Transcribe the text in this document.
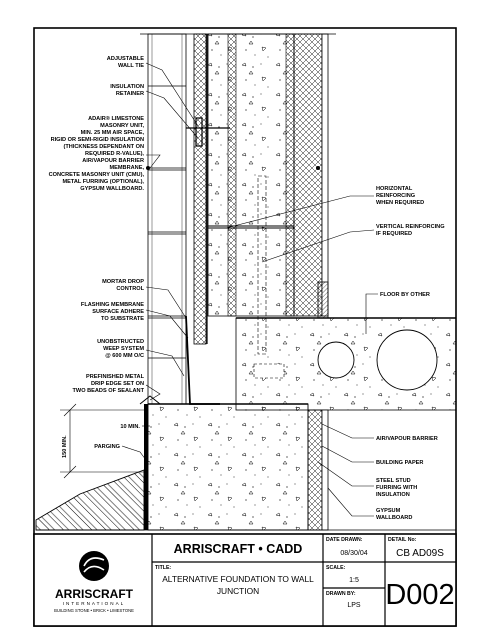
150 MIN.
ADJUSTABLE
WALL TIE
INSULATION
RETAINER
ADAIR® LIMESTONE
MASONRY UNIT,
MIN. 25 MM AIR SPACE,
RIGID OR SEMI-RIGID INSULATION
(THICKNESS DEPENDANT ON
REQUIRED R-VALUE),
AIR/VAPOUR BARRIER
MEMBRANE,
CONCRETE MASONRY UNIT (CMU),
METAL FURRING (OPTIONAL),
GYPSUM WALLBOARD.
MORTAR DROP
CONTROL
FLASHING MEMBRANE
SURFACE ADHERE
TO SUBSTRATE
UNOBSTRUCTED
WEEP SYSTEM
@ 600 MM O/C
PREFINISHED METAL
DRIP EDGE SET ON
TWO BEADS OF SEALANT
10 MIN.
PARGING
HORIZONTAL
REINFORCING
WHEN REQUIRED
VERTICAL REINFORCING
IF REQUIRED
FLOOR BY OTHER
AIR/VAPOUR BARRIER
BUILDING PAPER
STEEL STUD
FURRING WITH
INSULATION
GYPSUM
WALLBOARD
ARRISCRAFT
INTERNATIONAL
BUILDING STONE • BRICK • LIMESTONE
ARRISCRAFT • CADD
TITLE:
ALTERNATIVE FOUNDATION TO WALL
JUNCTION
DATE DRAWN:
08/30/04
SCALE:
1:5
DRAWN BY:
LPS
DETAIL No:
CB AD09S
D002
